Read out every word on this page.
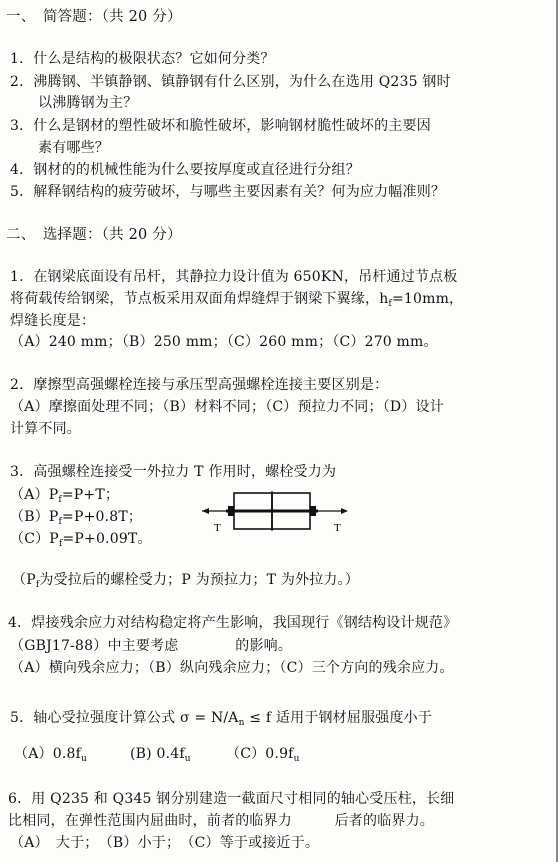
一、　简答题：（共 20 分）
1．什么是结构的极限状态？它如何分类？
2．沸腾钢、半镇静钢、镇静钢有什么区别，为什么在选用 Q235 钢时
以沸腾钢为主？
3．什么是钢材的塑性破坏和脆性破坏，影响钢材脆性破坏的主要因
素有哪些？
4．钢材的的机械性能为什么要按厚度或直径进行分组？
5．解释钢结构的疲劳破坏，与哪些主要因素有关？何为应力幅准则？
二、　选择题：（共 20 分）
1．在钢梁底面设有吊杆，其静拉力设计值为 650KN，吊杆通过节点板
将荷载传给钢梁，节点板采用双面角焊缝焊于钢梁下翼缘，$h_f=10mm$，
焊缝长度是：
（A）240 mm；（B）250 mm；（C）260 mm；（C）270 mm。
2．摩擦型高强螺栓连接与承压型高强螺栓连接主要区别是：
（A）摩擦面处理不同；（B）材料不同；（C）预拉力不同；（D）设计
计算不同。
3．高强螺栓连接受一外拉力 T 作用时，螺栓受力为
$(A)P_f=P+T$；
$(B)P_f=P+0.8T$；
$(C)P_f=P+0.09T$。
T	T
（$P_f$为受拉后的螺栓受力；P 为预拉力；T 为外拉力。）
4．焊接残余应力对结构稳定将产生影响，我国现行《钢结构设计规范》
（GBJ17-88）中主要考虑　　　　的影响。
（A）横向残余应力；（B）纵向残余应力；（C）三个方向的残余应力。
5．轴心受拉强度计算公式 $\sigma = N/A_n \le f$ 适用于钢材屈服强度小于
$(A)0.8f_u$	(B) $0.4f_u$	$(C)0.9f_u$
6．用 Q235 和 Q345 钢分别建造一截面尺寸相同的轴心受压柱，长细
比相同，在弹性范围内屈曲时，前者的临界力　　　后者的临界力。
（A）　大于；　（B）小于；　（C）等于或接近于。
